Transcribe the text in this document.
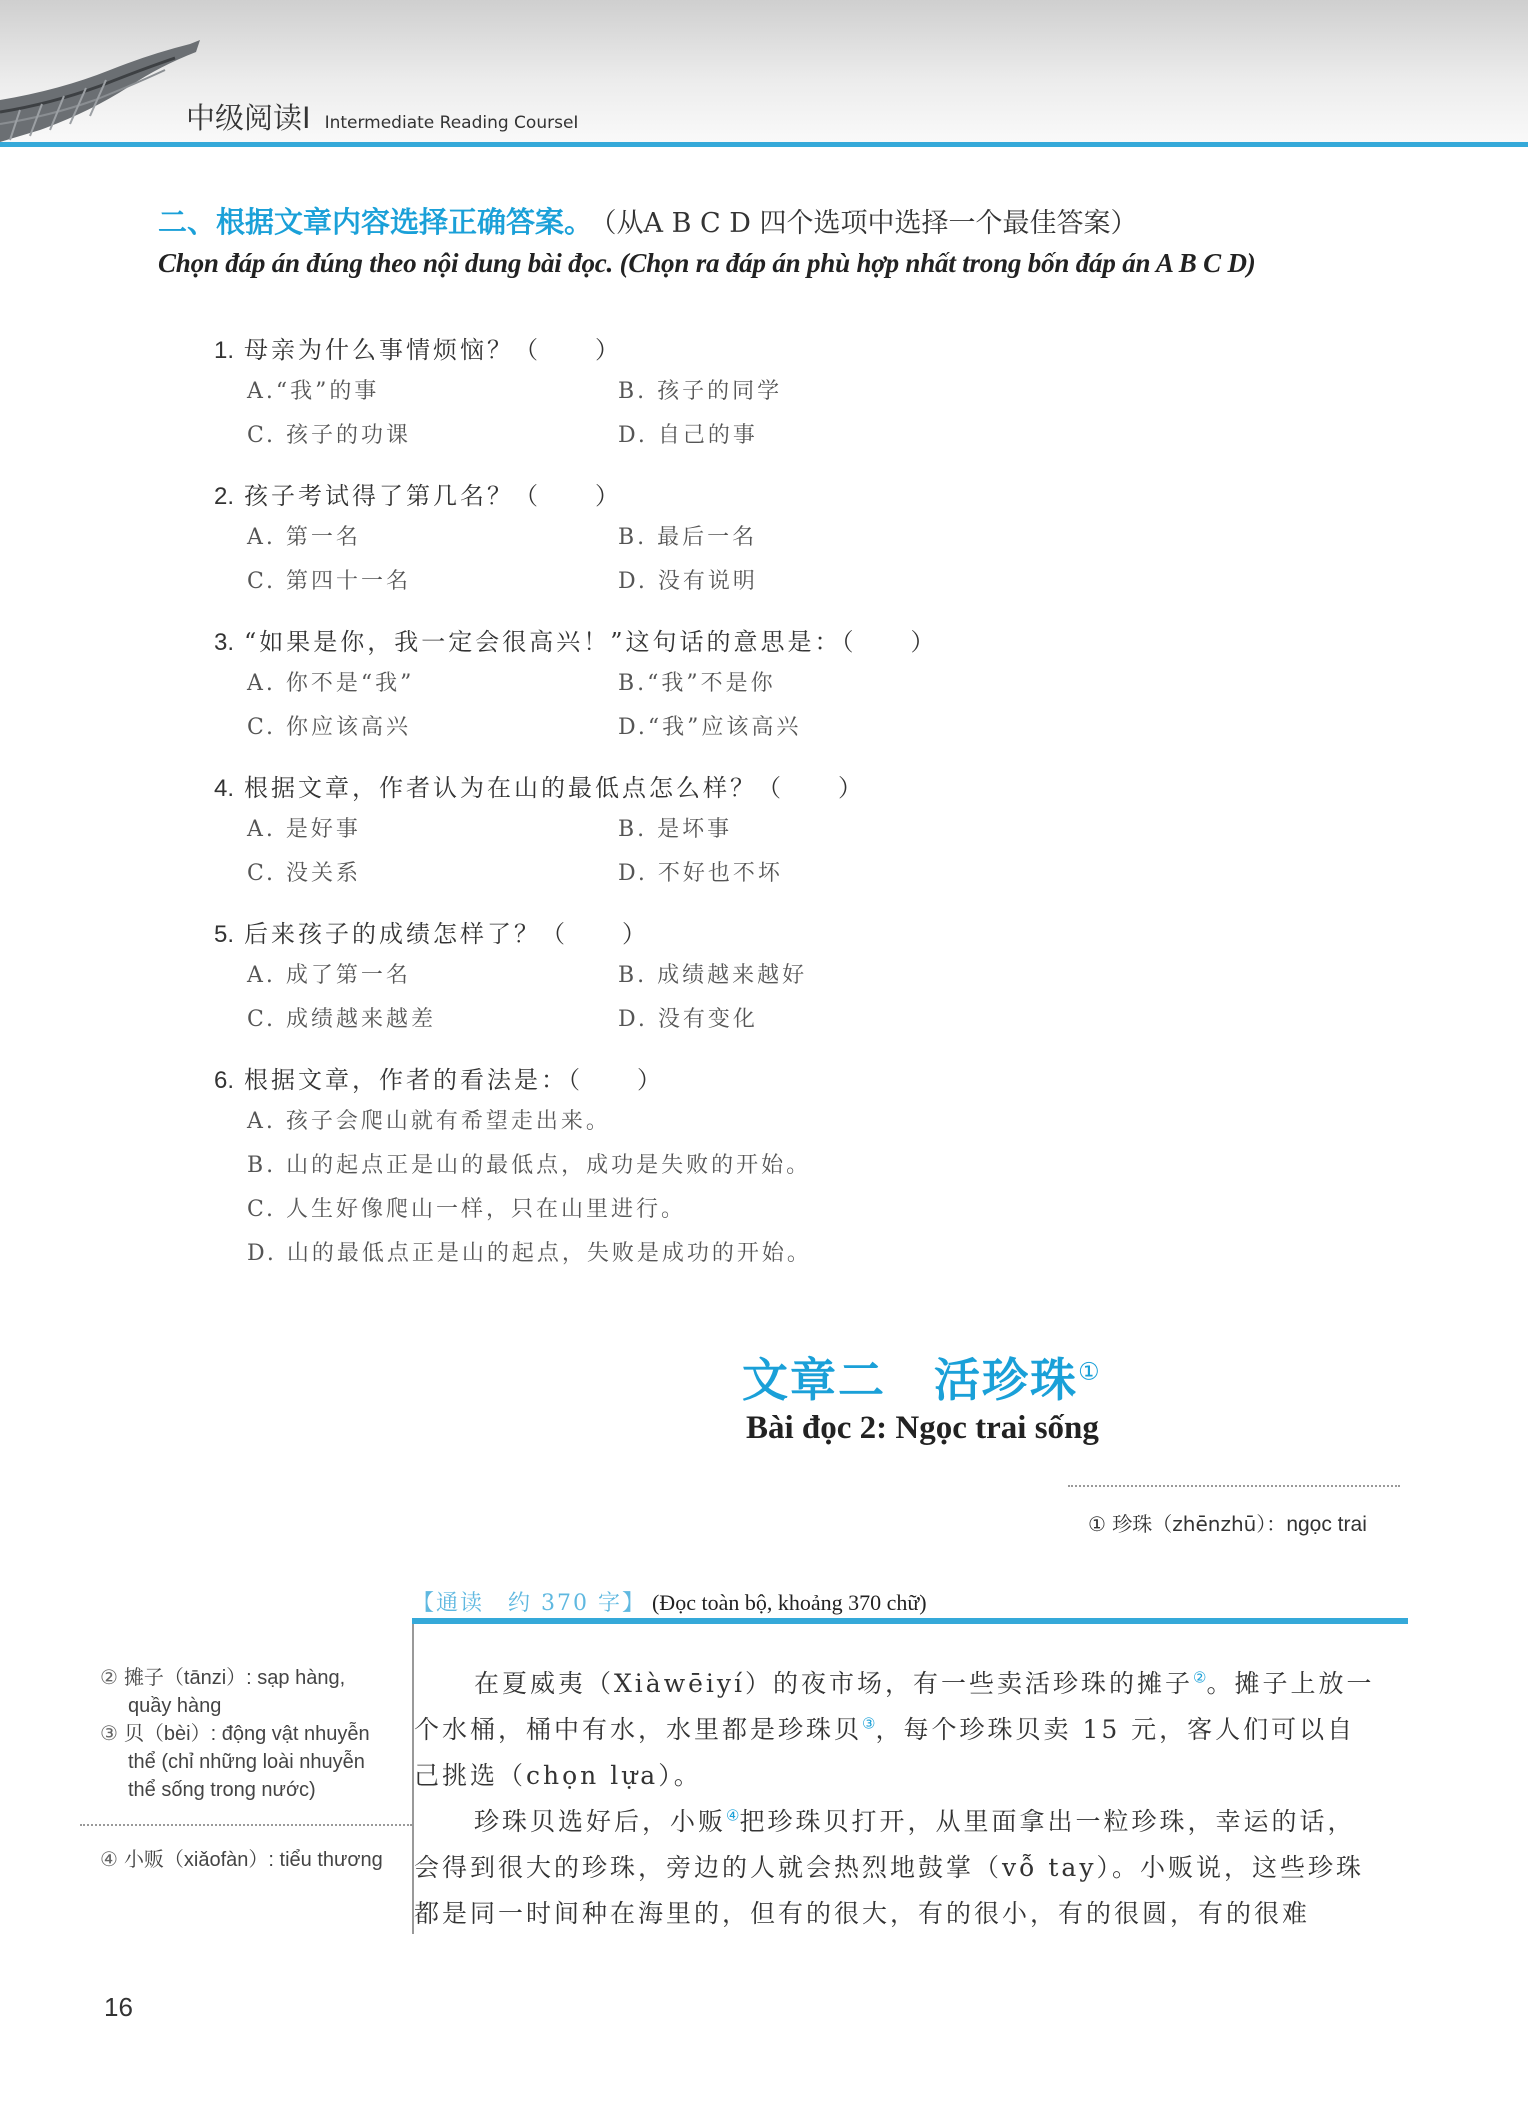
中级阅读Ⅰ Intermediate Reading CourseⅠ
二、根据文章内容选择正确答案。 （从A B C D 四个选项中选择一个最佳答案）
Chọn đáp án đúng theo nội dung bài đọc. (Chọn ra đáp án phù hợp nhất trong bốn đáp án A B C D)
1. 母亲为什么事情烦恼？（　　）
A.“我”的事	B. 孩子的同学
C. 孩子的功课	D. 自己的事
2. 孩子考试得了第几名？（　　）
A. 第一名	B. 最后一名
C. 第四十一名	D. 没有说明
3. “如果是你，我一定会很高兴！”这句话的意思是：（　　）
A. 你不是“我”	B.“我”不是你
C. 你应该高兴	D.“我”应该高兴
4. 根据文章，作者认为在山的最低点怎么样？（　　）
A. 是好事	B. 是坏事
C. 没关系	D. 不好也不坏
5. 后来孩子的成绩怎样了？（　　）
A. 成了第一名	B. 成绩越来越好
C. 成绩越来越差	D. 没有变化
6. 根据文章，作者的看法是：（　　）
A. 孩子会爬山就有希望走出来。
B. 山的起点正是山的最低点，成功是失败的开始。
C. 人生好像爬山一样，只在山里进行。
D. 山的最低点正是山的起点，失败是成功的开始。
文章二　活珍珠①
Bài đọc 2: Ngọc trai sống
① 珍珠（zhēnzhū）：ngọc trai
【通读　约 370 字】 (Đọc toàn bộ, khoảng 370 chữ)
② 摊子（tānzi）: sạp hàng,
quầy hàng
③ 贝（bèi）: động vật nhuyễn
thể (chỉ những loài nhuyễn
thể sống trong nước)
④ 小贩（xiǎofàn）: tiểu thương
在夏威夷（Xiàwēiyí）的夜市场，有一些卖活珍珠的摊子②。摊子上放一
个水桶，桶中有水，水里都是珍珠贝③，每个珍珠贝卖 15 元，客人们可以自
己挑选（chọn lựa）。
珍珠贝选好后，小贩④把珍珠贝打开，从里面拿出一粒珍珠，幸运的话，
会得到很大的珍珠，旁边的人就会热烈地鼓掌（vỗ tay）。小贩说，这些珍珠
都是同一时间种在海里的，但有的很大，有的很小，有的很圆，有的很难
16
